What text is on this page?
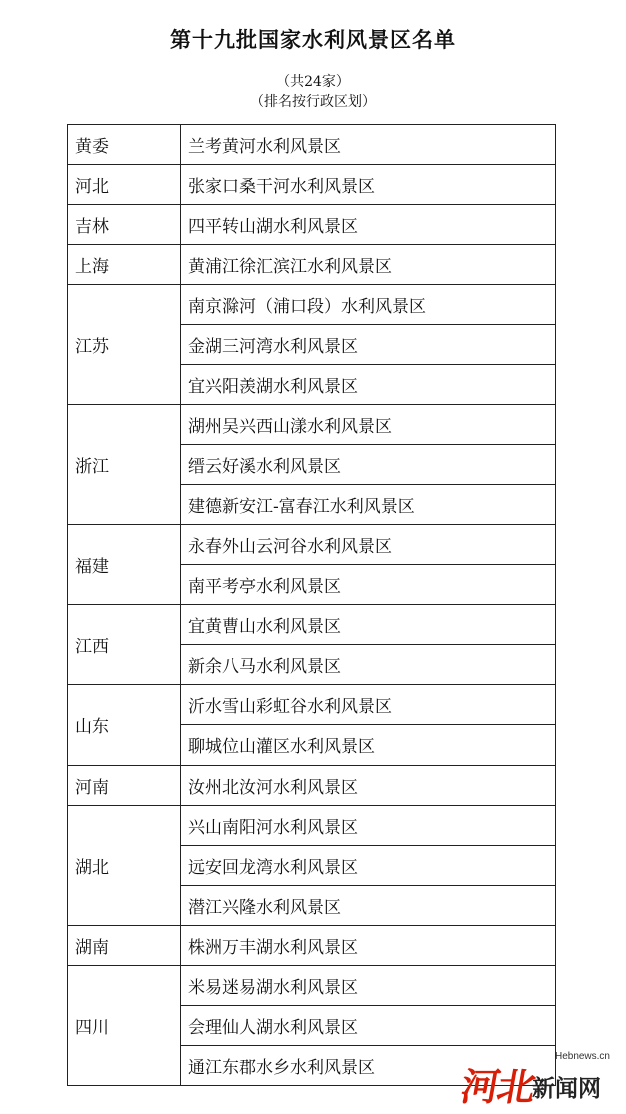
第十九批国家水利风景区名单
（共24家）
（排名按行政区划）
黄委	兰考黄河水利风景区
河北	张家口桑干河水利风景区
吉林	四平转山湖水利风景区
上海	黄浦江徐汇滨江水利风景区
江苏	南京滁河（浦口段）水利风景区
	金湖三河湾水利风景区
	宜兴阳羡湖水利风景区
浙江	湖州吴兴西山漾水利风景区
	缙云好溪水利风景区
	建德新安江-富春江水利风景区
福建	永春外山云河谷水利风景区
	南平考亭水利风景区
江西	宜黄曹山水利风景区
	新余八马水利风景区
山东	沂水雪山彩虹谷水利风景区
	聊城位山灌区水利风景区
河南	汝州北汝河水利风景区
湖北	兴山南阳河水利风景区
	远安回龙湾水利风景区
	潜江兴隆水利风景区
湖南	株洲万丰湖水利风景区
四川	米易迷易湖水利风景区
	会理仙人湖水利风景区
	通江东郡水乡水利风景区
Hebnews.cn
河北
新闻网
